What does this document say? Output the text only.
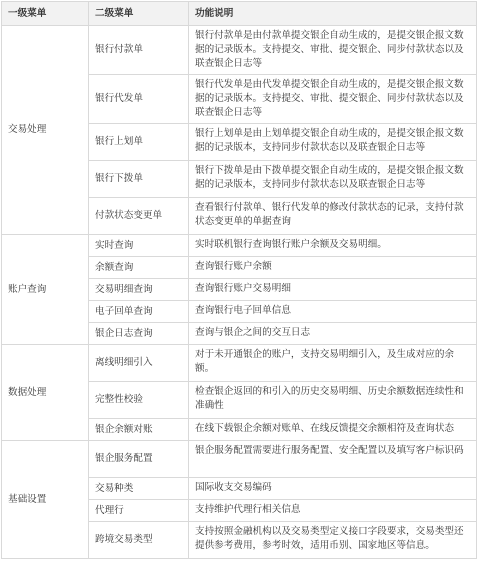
一级菜单	二级菜单	功能说明
交易处理	银行付款单	银行付款单是由付款单提交银企自动生成的，是提交银企报文数据的记录版本。支持提交、审批、提交银企、同步付款状态以及联查银企日志等
	银行代发单	银行代发单是由代发单提交银企自动生成的，是提交银企报文数据的记录版本。支持提交、审批、提交银企、同步付款状态以及联查银企日志等
	银行上划单	银行上划单是由上划单提交银企自动生成的，是提交银企报文数据的记录版本，支持同步付款状态以及联查银企日志等
	银行下拨单	银行下拨单是由下拨单提交银企自动生成的，是提交银企报文数据的记录版本，支持同步付款状态以及联查银企日志等
	付款状态变更单	查看银行付款单、银行代发单的修改付款状态的记录，支持付款状态变更单的单据查询
账户查询	实时查询	实时联机银行查询银行账户余额及交易明细。
	余额查询	查询银行账户余额
	交易明细查询	查询银行账户交易明细
	电子回单查询	查询银行电子回单信息
	银企日志查询	查询与银企之间的交互日志
数据处理	离线明细引入	对于未开通银企的账户，支持交易明细引入，及生成对应的余额。
	完整性校验	检查银企返回的和引入的历史交易明细、历史余额数据连续性和准确性
	银企余额对账	在线下载银企余额对账单、在线反馈提交余额相符及查询状态
基础设置	银企服务配置	银企服务配置需要进行服务配置、安全配置以及填写客户标识码
	交易种类	国际收支交易编码
	代理行	支持维护代理行相关信息
	跨境交易类型	支持按照金融机构以及交易类型定义接口字段要求，交易类型还提供参考费用，参考时效，适用币别、国家地区等信息。
